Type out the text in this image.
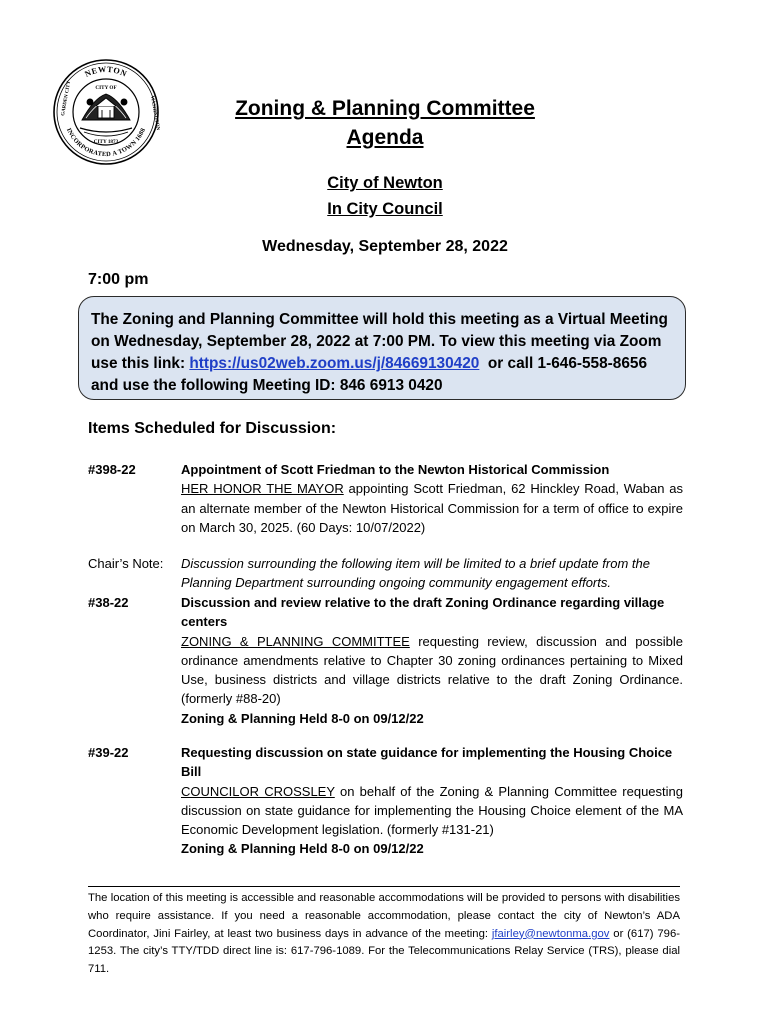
NEWTON
INCORPORATED A TOWN 1688
CITY OF
CITY 1873
GARDEN CITY	WASHINGTON	Zoning & Planning Committee
Agenda
City of Newton
In City Council
Wednesday, September 28, 2022
7:00 pm
The Zoning and Planning Committee will hold this meeting as a Virtual Meeting on Wednesday, September 28, 2022 at 7:00 PM. To view this meeting via Zoom use this link: https://us02web.zoom.us/j/84669130420  or call 1-646-558-8656 and use the following Meeting ID: 846 6913 0420
Items Scheduled for Discussion:
#398-22	Appointment of Scott Friedman to the Newton Historical Commission
HER HONOR THE MAYOR appointing Scott Friedman, 62 Hinckley Road, Waban as an alternate member of the Newton Historical Commission for a term of office to expire on March 30, 2025. (60 Days: 10/07/2022)
Chair’s Note:	Discussion surrounding the following item will be limited to a brief update from the Planning Department surrounding ongoing community engagement efforts.
#38-22	Discussion and review relative to the draft Zoning Ordinance regarding village centers
ZONING & PLANNING COMMITTEE requesting review, discussion and possible ordinance amendments relative to Chapter 30 zoning ordinances pertaining to Mixed Use, business districts and village districts relative to the draft Zoning Ordinance.  (formerly #88-20)
Zoning & Planning Held 8-0 on 09/12/22
#39-22	Requesting discussion on state guidance for implementing the Housing Choice Bill
COUNCILOR CROSSLEY on behalf of the Zoning & Planning Committee requesting discussion on state guidance for implementing the Housing Choice element of the MA Economic Development legislation. (formerly #131-21)
Zoning & Planning Held 8-0 on 09/12/22
The location of this meeting is accessible and reasonable accommodations will be provided to persons with disabilities who require assistance. If you need a reasonable accommodation, please contact the city of Newton’s ADA Coordinator, Jini Fairley, at least two business days in advance of the meeting: jfairley@newtonma.gov or (617) 796-1253. The city’s TTY/TDD direct line is: 617-796-1089. For the Telecommunications Relay Service (TRS), please dial 711.
